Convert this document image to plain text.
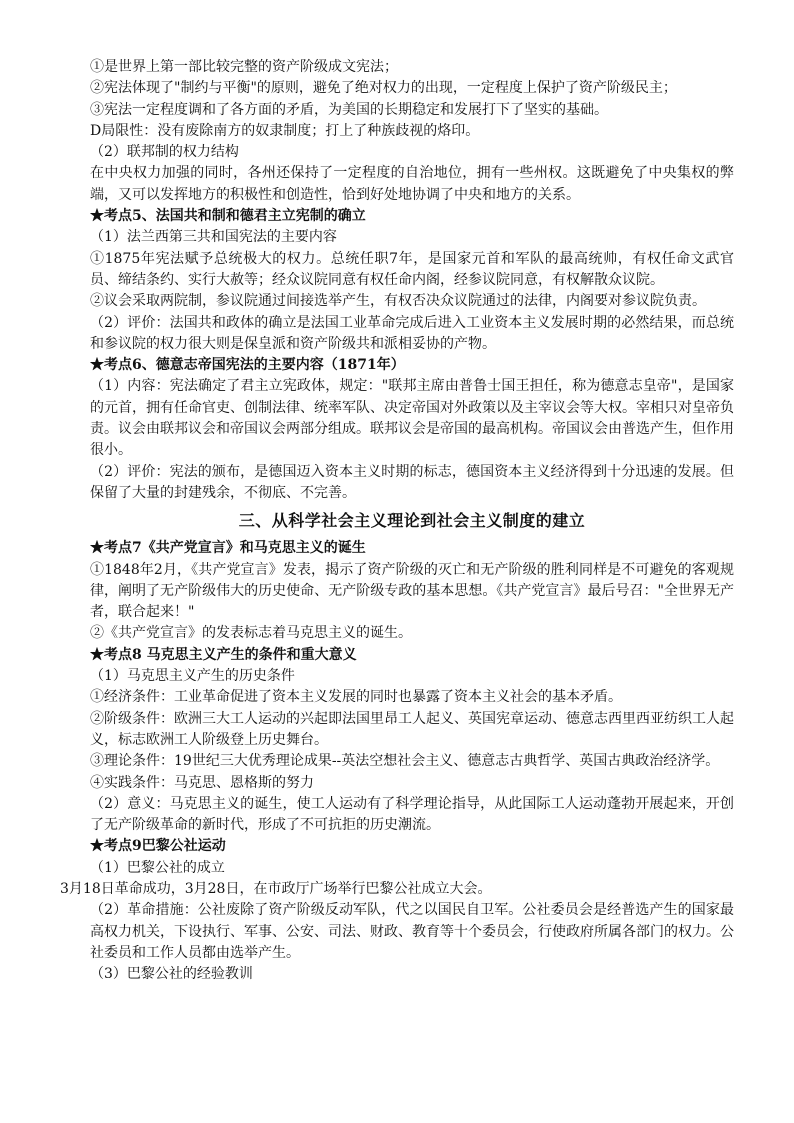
①是世界上第一部比较完整的资产阶级成文宪法；

②宪法体现了"制约与平衡"的原则，避免了绝对权力的出现，一定程度上保护了资产阶级民主；

③宪法一定程度调和了各方面的矛盾，为美国的长期稳定和发展打下了坚实的基础。

D局限性：没有废除南方的奴隶制度；打上了种族歧视的烙印。

（2）联邦制的权力结构

在中央权力加强的同时，各州还保持了一定程度的自治地位，拥有一些州权。这既避免了中央集权的弊端，又可以发挥地方的积极性和创造性，恰到好处地协调了中央和地方的关系。

★考点5、法国共和制和德君主立宪制的确立

（1）法兰西第三共和国宪法的主要内容

①1875年宪法赋予总统极大的权力。总统任职7年，是国家元首和军队的最高统帅，有权任命文武官员、缔结条约、实行大赦等；经众议院同意有权任命内阁，经参议院同意，有权解散众议院。

②议会采取两院制，参议院通过间接选举产生，有权否决众议院通过的法律，内阁要对参议院负责。

（2）评价：法国共和政体的确立是法国工业革命完成后进入工业资本主义发展时期的必然结果，而总统和参议院的权力很大则是保皇派和资产阶级共和派相妥协的产物。

★考点6、德意志帝国宪法的主要内容（1871年）

（1）内容：宪法确定了君主立宪政体，规定："联邦主席由普鲁士国王担任，称为德意志皇帝"，是国家的元首，拥有任命官吏、创制法律、统率军队、决定帝国对外政策以及主宰议会等大权。宰相只对皇帝负责。议会由联邦议会和帝国议会两部分组成。联邦议会是帝国的最高机构。帝国议会由普选产生，但作用很小。

（2）评价：宪法的颁布，是德国迈入资本主义时期的标志，德国资本主义经济得到十分迅速的发展。但保留了大量的封建残余，不彻底、不完善。

三、从科学社会主义理论到社会主义制度的建立

★考点7《共产党宣言》和马克思主义的诞生

①1848年2月，《共产党宣言》发表，揭示了资产阶级的灭亡和无产阶级的胜利同样是不可避免的客观规律，阐明了无产阶级伟大的历史使命、无产阶级专政的基本思想。《共产党宣言》最后号召："全世界无产者，联合起来！"

②《共产党宣言》的发表标志着马克思主义的诞生。

★考点8 马克思主义产生的条件和重大意义

（1）马克思主义产生的历史条件

①经济条件：工业革命促进了资本主义发展的同时也暴露了资本主义社会的基本矛盾。

②阶级条件：欧洲三大工人运动的兴起即法国里昂工人起义、英国宪章运动、德意志西里西亚纺织工人起义，标志欧洲工人阶级登上历史舞台。

③理论条件：19世纪三大优秀理论成果--英法空想社会主义、德意志古典哲学、英国古典政治经济学。

④实践条件：马克思、恩格斯的努力

（2）意义：马克思主义的诞生，使工人运动有了科学理论指导，从此国际工人运动蓬勃开展起来，开创了无产阶级革命的新时代，形成了不可抗拒的历史潮流。

★考点9巴黎公社运动

（1）巴黎公社的成立

3月18日革命成功，3月28日，在市政厅广场举行巴黎公社成立大会。

（2）革命措施：公社废除了资产阶级反动军队，代之以国民自卫军。公社委员会是经普选产生的国家最高权力机关，下设执行、军事、公安、司法、财政、教育等十个委员会，行使政府所属各部门的权力。公社委员和工作人员都由选举产生。

（3）巴黎公社的经验教训
